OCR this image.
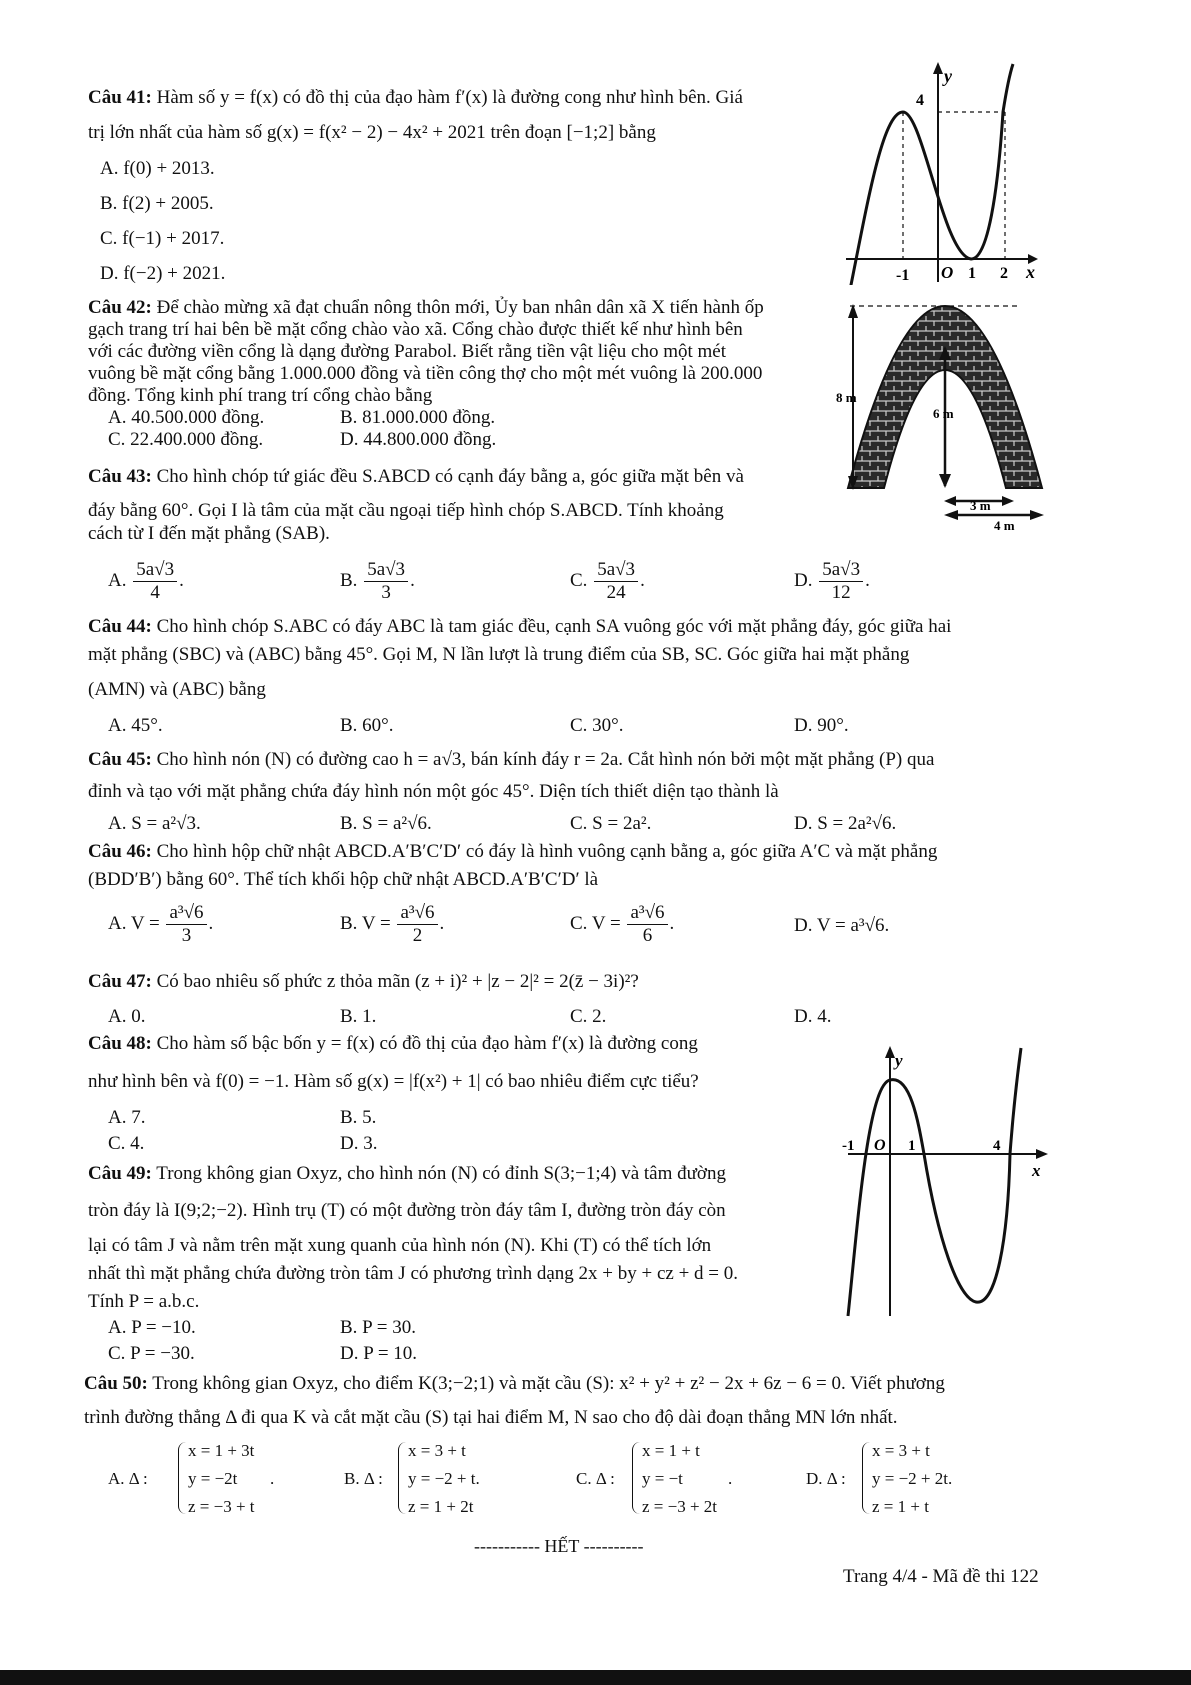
Câu 41: Hàm số y = f(x) có đồ thị của đạo hàm f′(x) là đường cong như hình bên. Giá
trị lớn nhất của hàm số g(x) = f(x² − 2) − 4x² + 2021 trên đoạn [−1;2] bằng
A. f(0) + 2013.
B. f(2) + 2005.
C. f(−1) + 2017.
D. f(−2) + 2021.
y
4
x
-1 O 1 2
Câu 42: Để chào mừng xã đạt chuẩn nông thôn mới, Ủy ban nhân dân xã X tiến hành ốp
gạch trang trí hai bên bề mặt cổng chào vào xã. Cổng chào được thiết kế như hình bên
với các đường viền cổng là dạng đường Parabol. Biết rằng tiền vật liệu cho một mét
vuông bề mặt cổng bằng 1.000.000 đồng và tiền công thợ cho một mét vuông là 200.000
đồng. Tổng kinh phí trang trí cổng chào bằng
A. 40.500.000 đồng.	B. 81.000.000 đồng.
C. 22.400.000 đồng.	D. 44.800.000 đồng.
8 m
6 m
3 m
4 m
Câu 43: Cho hình chóp tứ giác đều S.ABCD có cạnh đáy bằng a, góc giữa mặt bên và
đáy bằng 60°. Gọi I là tâm của mặt cầu ngoại tiếp hình chóp S.ABCD. Tính khoảng
cách từ I đến mặt phẳng (SAB).
A. $\frac{5a√3}{4}$ .	B. $\frac{5a√3}{3}$ .	C. $\frac{5a√3}{24}$ .	D. $\frac{5a√3}{12}$ .
Câu 44: Cho hình chóp S.ABC có đáy ABC là tam giác đều, cạnh SA vuông góc với mặt phẳng đáy, góc giữa hai
mặt phẳng (SBC) và (ABC) bằng 45°. Gọi M, N lần lượt là trung điểm của SB, SC. Góc giữa hai mặt phẳng
(AMN) và (ABC) bằng
A. 45°.	B. 60°.	C. 30°.	D. 90°.
Câu 45: Cho hình nón (N) có đường cao h = a√3, bán kính đáy r = 2a. Cắt hình nón bởi một mặt phẳng (P) qua
đỉnh và tạo với mặt phẳng chứa đáy hình nón một góc 45°. Diện tích thiết diện tạo thành là
A. S = a²√3.	B. S = a²√6.	C. S = 2a².	D. S = 2a²√6.
Câu 46: Cho hình hộp chữ nhật ABCD.A′B′C′D′ có đáy là hình vuông cạnh bằng a, góc giữa A′C và mặt phẳng
(BDD′B′) bằng 60°. Thể tích khối hộp chữ nhật ABCD.A′B′C′D′ là
A. $V = \frac{\text{a³√6}}{3}$ .	B. $V = \frac{\text{a³√6}}{2}$ .	C. $V = \frac{\text{a³√6}}{6}$ .	D. V = a³√6.
Câu 47: Có bao nhiêu số phức z thỏa mãn (z + i)² + |z − 2|² = 2(z̄ − 3i)²?
A. 0.	B. 1.	C. 2.	D. 4.
Câu 48: Cho hàm số bậc bốn y = f(x) có đồ thị của đạo hàm f′(x) là đường cong
như hình bên và f(0) = −1. Hàm số g(x) = |f(x²) + 1| có bao nhiêu điểm cực tiểu?
A. 7.	B. 5.
C. 4.	D. 3.
y
x
-1 O 1	4
Câu 49: Trong không gian Oxyz, cho hình nón (N) có đỉnh S(3;−1;4) và tâm đường
tròn đáy là I(9;2;−2). Hình trụ (T) có một đường tròn đáy tâm I, đường tròn đáy còn
lại có tâm J và nằm trên mặt xung quanh của hình nón (N). Khi (T) có thể tích lớn
nhất thì mặt phẳng chứa đường tròn tâm J có phương trình dạng 2x + by + cz + d = 0.
Tính P = a.b.c.
A. P = −10.	B. P = 30.
C. P = −30.	D. P = 10.
Câu 50: Trong không gian Oxyz, cho điểm K(3;−2;1) và mặt cầu (S): x² + y² + z² − 2x + 6z − 6 = 0. Viết phương
trình đường thẳng Δ đi qua K và cắt mặt cầu (S) tại hai điểm M, N sao cho độ dài đoạn thẳng MN lớn nhất.
A. Δ :
x = 1 + 3t
y = −2t
z = −3 + t
.	B. Δ :
x = 3 + t
y = −2 + t.
z = 1 + 2t
C. Δ :
x = 1 + t
y = −t
z = −3 + 2t
.	D. Δ :
x = 3 + t
y = −2 + 2t.
z = 1 + t
----------- HẾT ----------
Trang 4/4 - Mã đề thi 122
